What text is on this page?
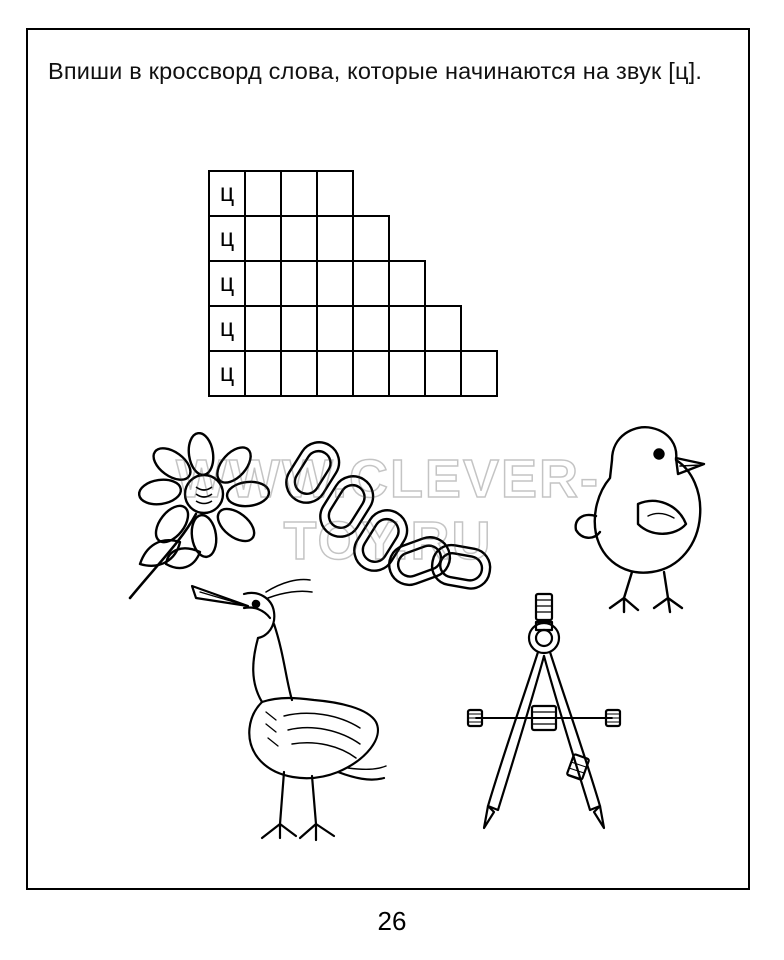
Впиши в кроссворд слова, которые начинаются на звук [ц].
ц
ц
ц
ц
ц
WWW.CLEVER-TOY.RU
26
